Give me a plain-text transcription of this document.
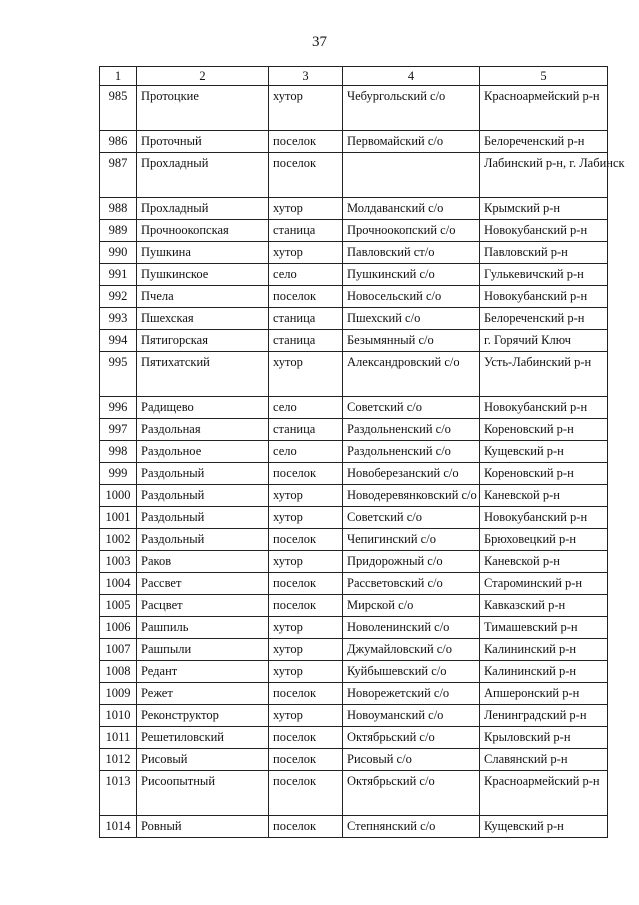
37
1	2	3	4	5
985	Протоцкие	хутор	Чебургольский с/о	Красноармейский р-н
986	Проточный	поселок	Первомайский с/о	Белореченский р-н
987	Прохладный	поселок		Лабинский р-н, г. Лабинск
988	Прохладный	хутор	Молдаванский с/о	Крымский р-н
989	Прочноокопская	станица	Прочноокопский с/о	Новокубанский р-н
990	Пушкина	хутор	Павловский ст/о	Павловский р-н
991	Пушкинское	село	Пушкинский с/о	Гулькевичский р-н
992	Пчела	поселок	Новосельский с/о	Новокубанский р-н
993	Пшехская	станица	Пшехский с/о	Белореченский р-н
994	Пятигорская	станица	Безымянный с/о	г. Горячий Ключ
995	Пятихатский	хутор	Александровский с/о	Усть-Лабинский р-н
996	Радищево	село	Советский с/о	Новокубанский р-н
997	Раздольная	станица	Раздольненский с/о	Кореновский р-н
998	Раздольное	село	Раздольненский с/о	Кущевский р-н
999	Раздольный	поселок	Новоберезанский с/о	Кореновский р-н
1000	Раздольный	хутор	Новодеревянковский с/о	Каневской р-н
1001	Раздольный	хутор	Советский с/о	Новокубанский р-н
1002	Раздольный	поселок	Чепигинский с/о	Брюховецкий р-н
1003	Раков	хутор	Придорожный с/о	Каневской р-н
1004	Рассвет	поселок	Рассветовский с/о	Староминский р-н
1005	Расцвет	поселок	Мирской с/о	Кавказский р-н
1006	Рашпиль	хутор	Новоленинский с/о	Тимашевский р-н
1007	Рашпыли	хутор	Джумайловский с/о	Калининский р-н
1008	Редант	хутор	Куйбышевский с/о	Калининский р-н
1009	Режет	поселок	Новорежетский с/о	Апшеронский р-н
1010	Реконструктор	хутор	Новоуманский с/о	Ленинградский р-н
1011	Решетиловский	поселок	Октябрьский с/о	Крыловский р-н
1012	Рисовый	поселок	Рисовый с/о	Славянский р-н
1013	Рисоопытный	поселок	Октябрьский с/о	Красноармейский р-н
1014	Ровный	поселок	Степнянский с/о	Кущевский р-н
